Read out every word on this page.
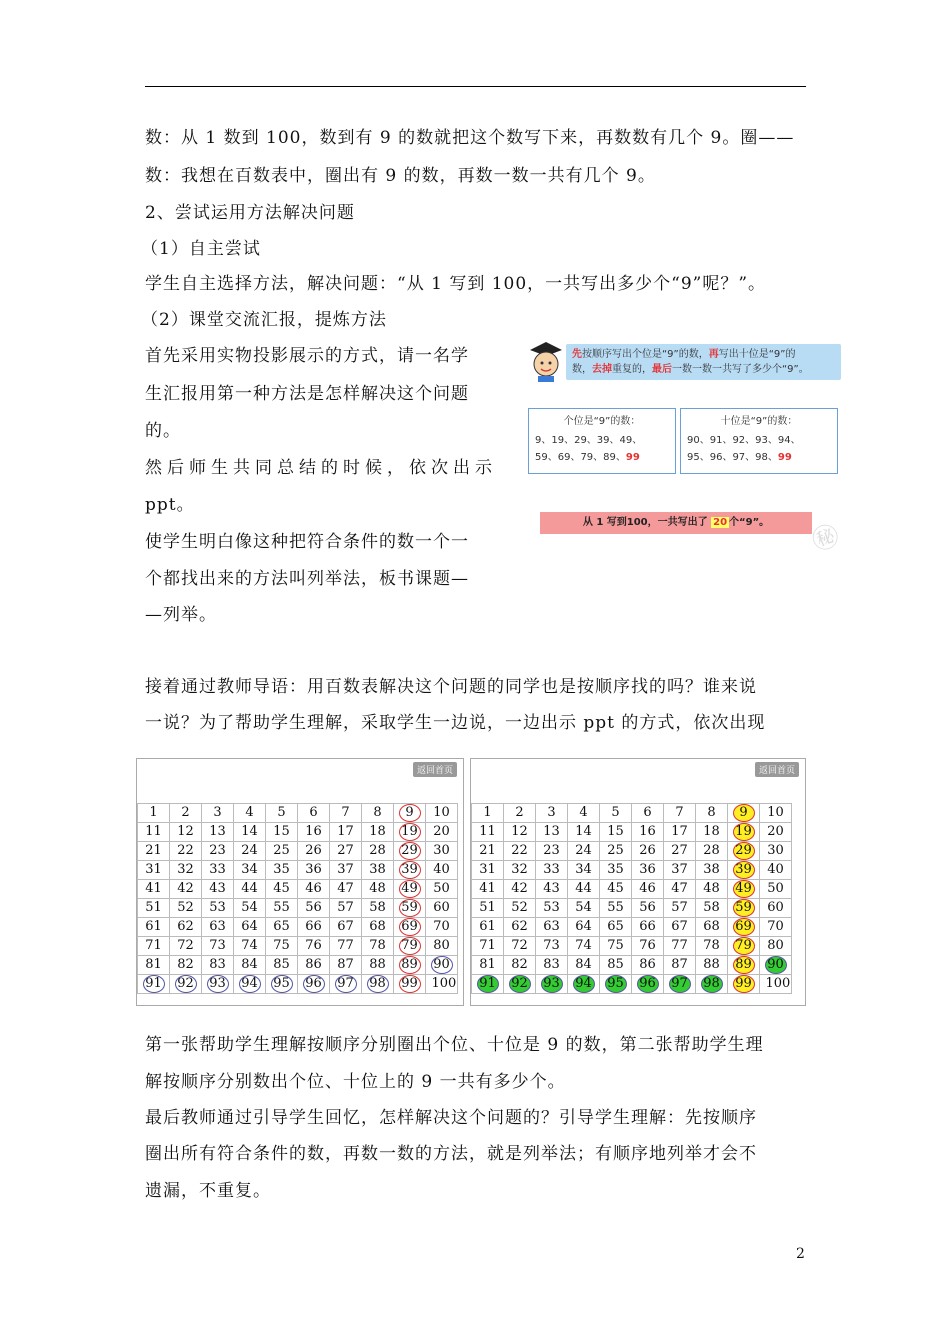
数：从 1 数到 100，数到有 9 的数就把这个数写下来，再数数有几个 9。圈——
数：我想在百数表中，圈出有 9 的数，再数一数一共有几个 9。
2、尝试运用方法解决问题
（1）自主尝试
学生自主选择方法，解决问题：“从 1 写到 100，一共写出多少个“9”呢？”。
（2）课堂交流汇报，提炼方法
首先采用实物投影展示的方式，请一名学
生汇报用第一种方法是怎样解决这个问题
的。
然后师生共同总结的时候，依次出示
ppt。
使学生明白像这种把符合条件的数一个一
个都找出来的方法叫列举法，板书课题—
—列举。
先按顺序写出个位是“9”的数，再写出十位是“9”的
数，去掉重复的，最后一数一数一共写了多少个“9”。
个位是“9”的数：
9、19、29、39、49、
59、69、79、89、99
十位是“9”的数：
90、91、92、93、94、
95、96、97、98、99
从 1 写到100，一共写出了 20 个“9”。	㊙
接着通过教师导语：用百数表解决这个问题的同学也是按顺序找的吗？谁来说
一说？为了帮助学生理解，采取学生一边说，一边出示 ppt 的方式，依次出现
返回首页
1	2	3	4	5	6	7	8	9	10
11	12	13	14	15	16	17	18	19	20
21	22	23	24	25	26	27	28	29	30
31	32	33	34	35	36	37	38	39	40
41	42	43	44	45	46	47	48	49	50
51	52	53	54	55	56	57	58	59	60
61	62	63	64	65	66	67	68	69	70
71	72	73	74	75	76	77	78	79	80
81	82	83	84	85	86	87	88	89	90
91	92	93	94	95	96	97	98	99	100
返回首页
1	2	3	4	5	6	7	8	9	10
11	12	13	14	15	16	17	18	19	20
21	22	23	24	25	26	27	28	29	30
31	32	33	34	35	36	37	38	39	40
41	42	43	44	45	46	47	48	49	50
51	52	53	54	55	56	57	58	59	60
61	62	63	64	65	66	67	68	69	70
71	72	73	74	75	76	77	78	79	80
81	82	83	84	85	86	87	88	89	90
91	92	93	94	95	96	97	98	99	100
第一张帮助学生理解按顺序分别圈出个位、十位是 9 的数，第二张帮助学生理
解按顺序分别数出个位、十位上的 9 一共有多少个。
最后教师通过引导学生回忆，怎样解决这个问题的？引导学生理解：先按顺序
圈出所有符合条件的数，再数一数的方法，就是列举法；有顺序地列举才会不
遗漏，不重复。
2
